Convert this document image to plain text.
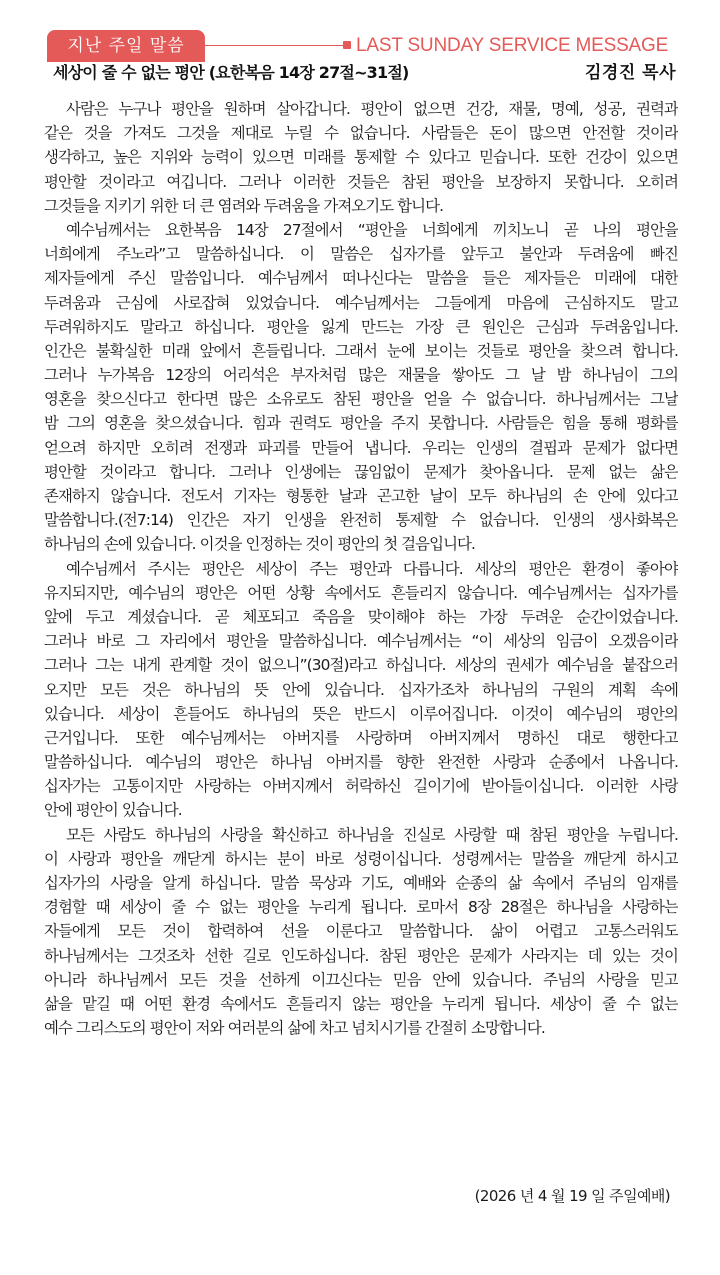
지난 주일 말씀	LAST SUNDAY SERVICE MESSAGE
세상이 줄 수 없는 평안 (요한복음 14장 27절~31절)	김경진 목사
사람은 누구나 평안을 원하며 살아갑니다. 평안이 없으면 건강, 재물, 명예, 성공, 권력과
같은 것을 가져도 그것을 제대로 누릴 수 없습니다. 사람들은 돈이 많으면 안전할 것이라
생각하고, 높은 지위와 능력이 있으면 미래를 통제할 수 있다고 믿습니다. 또한 건강이 있으면
평안할 것이라고 여깁니다. 그러나 이러한 것들은 참된 평안을 보장하지 못합니다. 오히려
그것들을 지키기 위한 더 큰 염려와 두려움을 가져오기도 합니다.
예수님께서는 요한복음 14장 27절에서 “평안을 너희에게 끼치노니 곧 나의 평안을
너희에게 주노라”고 말씀하십니다. 이 말씀은 십자가를 앞두고 불안과 두려움에 빠진
제자들에게 주신 말씀입니다. 예수님께서 떠나신다는 말씀을 들은 제자들은 미래에 대한
두려움과 근심에 사로잡혀 있었습니다. 예수님께서는 그들에게 마음에 근심하지도 말고
두려워하지도 말라고 하십니다. 평안을 잃게 만드는 가장 큰 원인은 근심과 두려움입니다.
인간은 불확실한 미래 앞에서 흔들립니다. 그래서 눈에 보이는 것들로 평안을 찾으려 합니다.
그러나 누가복음 12장의 어리석은 부자처럼 많은 재물을 쌓아도 그 날 밤 하나님이 그의
영혼을 찾으신다고 한다면 많은 소유로도 참된 평안을 얻을 수 없습니다. 하나님께서는 그날
밤 그의 영혼을 찾으셨습니다. 힘과 권력도 평안을 주지 못합니다. 사람들은 힘을 통해 평화를
얻으려 하지만 오히려 전쟁과 파괴를 만들어 냅니다. 우리는 인생의 결핍과 문제가 없다면
평안할 것이라고 합니다. 그러나 인생에는 끊임없이 문제가 찾아옵니다. 문제 없는 삶은
존재하지 않습니다. 전도서 기자는 형통한 날과 곤고한 날이 모두 하나님의 손 안에 있다고
말씀합니다.(전7:14) 인간은 자기 인생을 완전히 통제할 수 없습니다. 인생의 생사화복은
하나님의 손에 있습니다. 이것을 인정하는 것이 평안의 첫 걸음입니다.
예수님께서 주시는 평안은 세상이 주는 평안과 다릅니다. 세상의 평안은 환경이 좋아야
유지되지만, 예수님의 평안은 어떤 상황 속에서도 흔들리지 않습니다. 예수님께서는 십자가를
앞에 두고 계셨습니다. 곧 체포되고 죽음을 맞이해야 하는 가장 두려운 순간이었습니다.
그러나 바로 그 자리에서 평안을 말씀하십니다. 예수님께서는 “이 세상의 임금이 오겠음이라
그러나 그는 내게 관계할 것이 없으니”(30절)라고 하십니다. 세상의 권세가 예수님을 붙잡으러
오지만 모든 것은 하나님의 뜻 안에 있습니다. 십자가조차 하나님의 구원의 계획 속에
있습니다. 세상이 흔들어도 하나님의 뜻은 반드시 이루어집니다. 이것이 예수님의 평안의
근거입니다. 또한 예수님께서는 아버지를 사랑하며 아버지께서 명하신 대로 행한다고
말씀하십니다. 예수님의 평안은 하나님 아버지를 향한 완전한 사랑과 순종에서 나옵니다.
십자가는 고통이지만 사랑하는 아버지께서 허락하신 길이기에 받아들이십니다. 이러한 사랑
안에 평안이 있습니다.
모든 사람도 하나님의 사랑을 확신하고 하나님을 진실로 사랑할 때 참된 평안을 누립니다.
이 사랑과 평안을 깨닫게 하시는 분이 바로 성령이십니다. 성령께서는 말씀을 깨닫게 하시고
십자가의 사랑을 알게 하십니다. 말씀 묵상과 기도, 예배와 순종의 삶 속에서 주님의 임재를
경험할 때 세상이 줄 수 없는 평안을 누리게 됩니다. 로마서 8장 28절은 하나님을 사랑하는
자들에게 모든 것이 합력하여 선을 이룬다고 말씀합니다. 삶이 어렵고 고통스러워도
하나님께서는 그것조차 선한 길로 인도하십니다. 참된 평안은 문제가 사라지는 데 있는 것이
아니라 하나님께서 모든 것을 선하게 이끄신다는 믿음 안에 있습니다. 주님의 사랑을 믿고
삶을 맡길 때 어떤 환경 속에서도 흔들리지 않는 평안을 누리게 됩니다. 세상이 줄 수 없는
예수 그리스도의 평안이 저와 여러분의 삶에 차고 넘치시기를 간절히 소망합니다.
(2026 년 4 월 19 일 주일예배)
